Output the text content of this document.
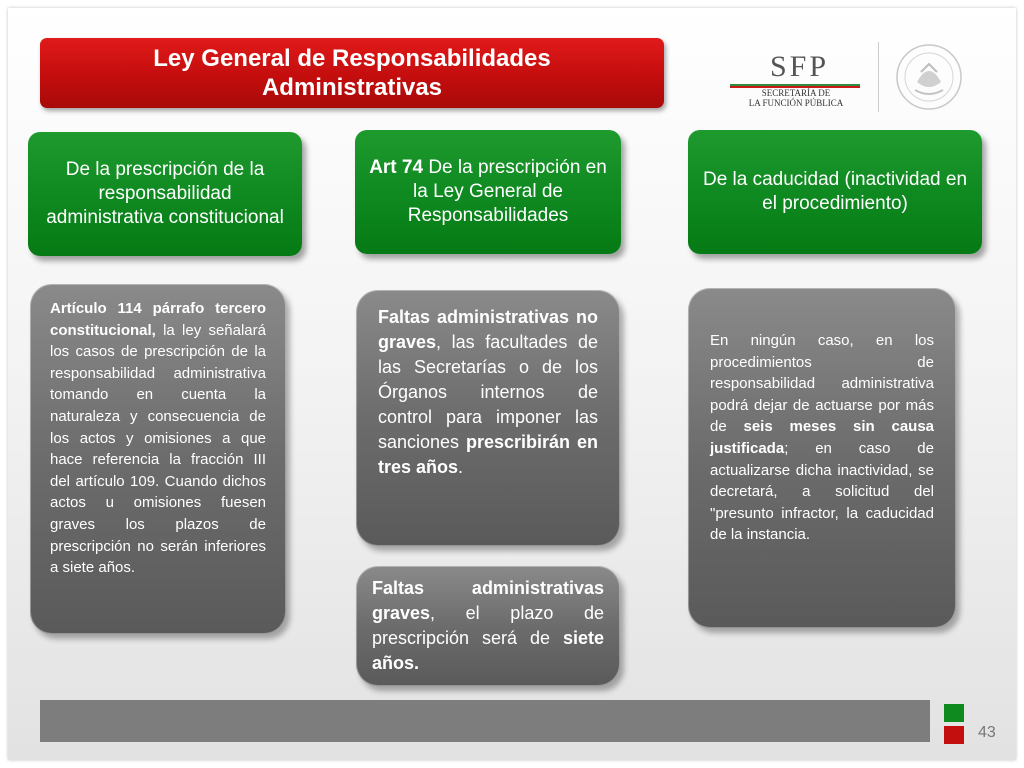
Ley General de Responsabilidades
Administrativas
SFP
SECRETARÍA DE
LA FUNCIÓN PÚBLICA
De la prescripción de la responsabilidad administrativa constitucional
Art 74 De la prescripción en la Ley General de Responsabilidades
De la caducidad (inactividad en el procedimiento)
Artículo 114 párrafo tercero constitucional, la ley señalará los casos de prescripción de la responsabilidad administrativa tomando en cuenta la naturaleza y consecuencia de los actos y omisiones a que hace referencia la fracción III del artículo 109. Cuando dichos actos u omisiones fuesen graves los plazos de prescripción no serán inferiores a siete años.
Faltas administrativas no graves, las facultades de las Secretarías o de los Órganos internos de control para imponer las sanciones prescribirán en tres años.
Faltas administrativas graves, el plazo de prescripción será de siete años.
En ningún caso, en los procedimientos de responsabilidad administrativa podrá dejar de actuarse por más de seis meses sin causa justificada; en caso de actualizarse dicha inactividad, se decretará, a solicitud del "presunto infractor, la caducidad de la instancia.
43
